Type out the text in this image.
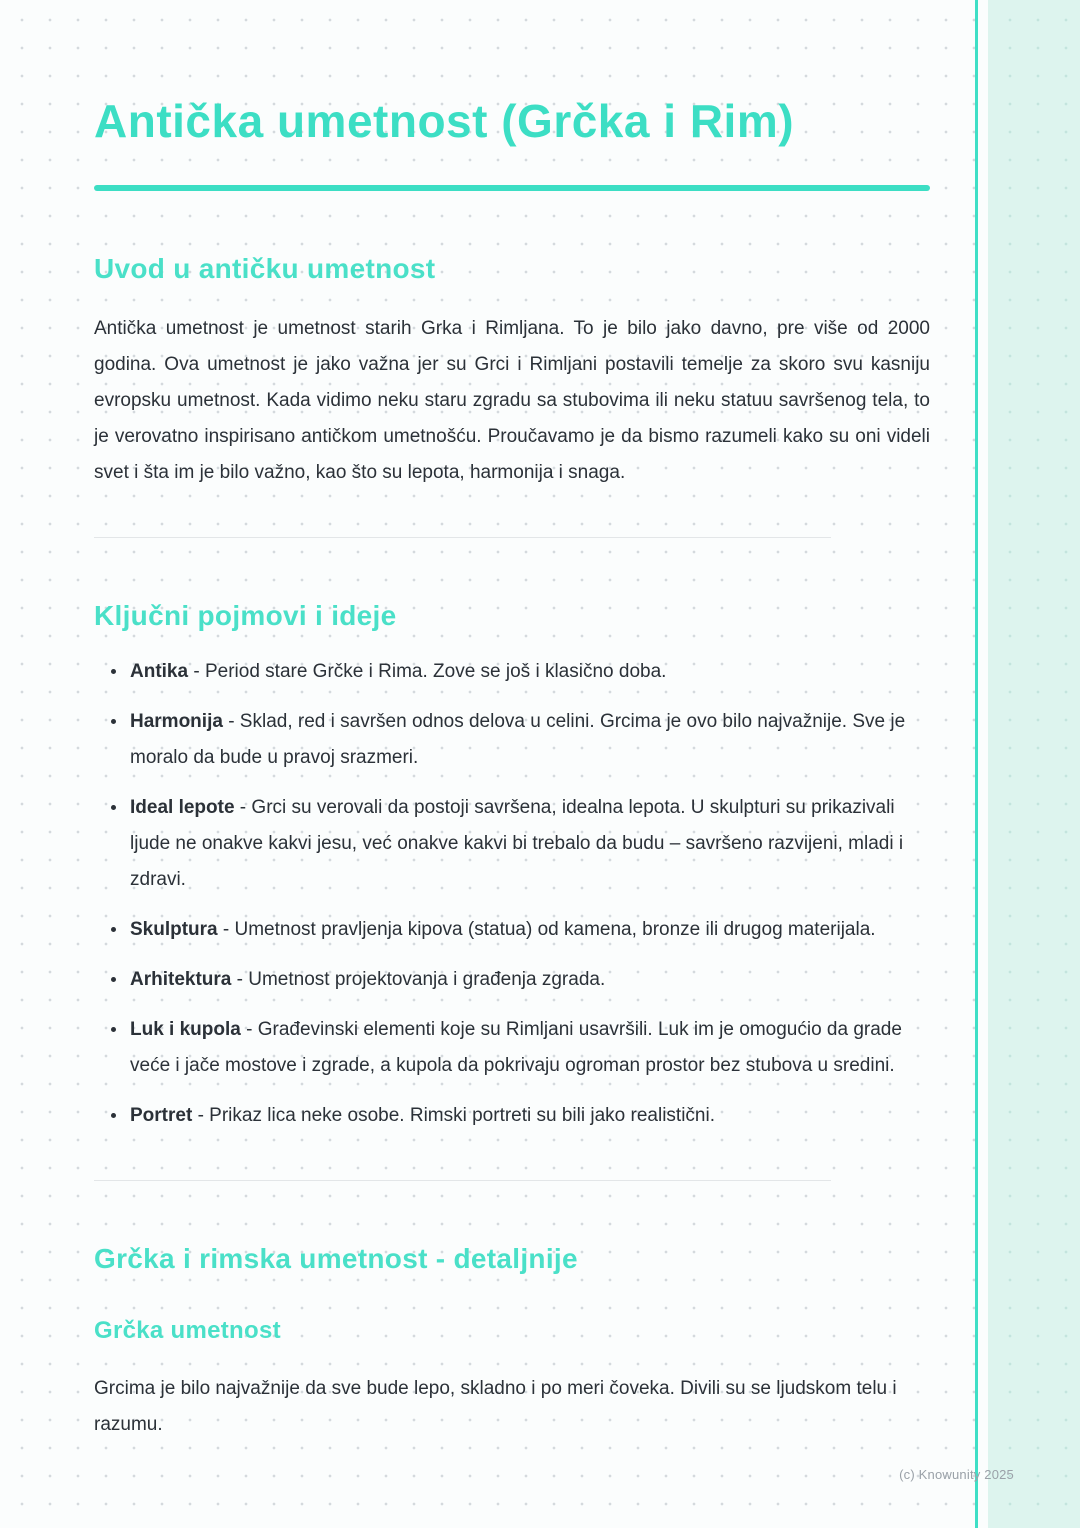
Antička umetnost (Grčka i Rim)
Uvod u antičku umetnost

Antička umetnost je umetnost starih Grka i Rimljana. To je bilo jako davno, pre više od 2000 godina. Ova umetnost je jako važna jer su Grci i Rimljani postavili temelje za skoro svu kasniju evropsku umetnost. Kada vidimo neku staru zgradu sa stubovima ili neku statuu savršenog tela, to je verovatno inspirisano antičkom umetnošću. Proučavamo je da bismo razumeli kako su oni videli svet i šta im je bilo važno, kao što su lepota, harmonija i snaga.

Ključni pojmovi i ideje
• Antika - Period stare Grčke i Rima. Zove se još i klasično doba.
• Harmonija - Sklad, red i savršen odnos delova u celini. Grcima je ovo bilo najvažnije. Sve je moralo da bude u pravoj srazmeri.
• Ideal lepote - Grci su verovali da postoji savršena, idealna lepota. U skulpturi su prikazivali ljude ne onakve kakvi jesu, već onakve kakvi bi trebalo da budu – savršeno razvijeni, mladi i zdravi.
• Skulptura - Umetnost pravljenja kipova (statua) od kamena, bronze ili drugog materijala.
• Arhitektura - Umetnost projektovanja i građenja zgrada.
• Luk i kupola - Građevinski elementi koje su Rimljani usavršili. Luk im je omogućio da grade veće i jače mostove i zgrade, a kupola da pokrivaju ogroman prostor bez stubova u sredini.
• Portret - Prikaz lica neke osobe. Rimski portreti su bili jako realistični.
Grčka i rimska umetnost - detaljnije
Grčka umetnost

Grcima je bilo najvažnije da sve bude lepo, skladno i po meri čoveka. Divili su se ljudskom telu i razumu.

(c) Knowunity 2025
